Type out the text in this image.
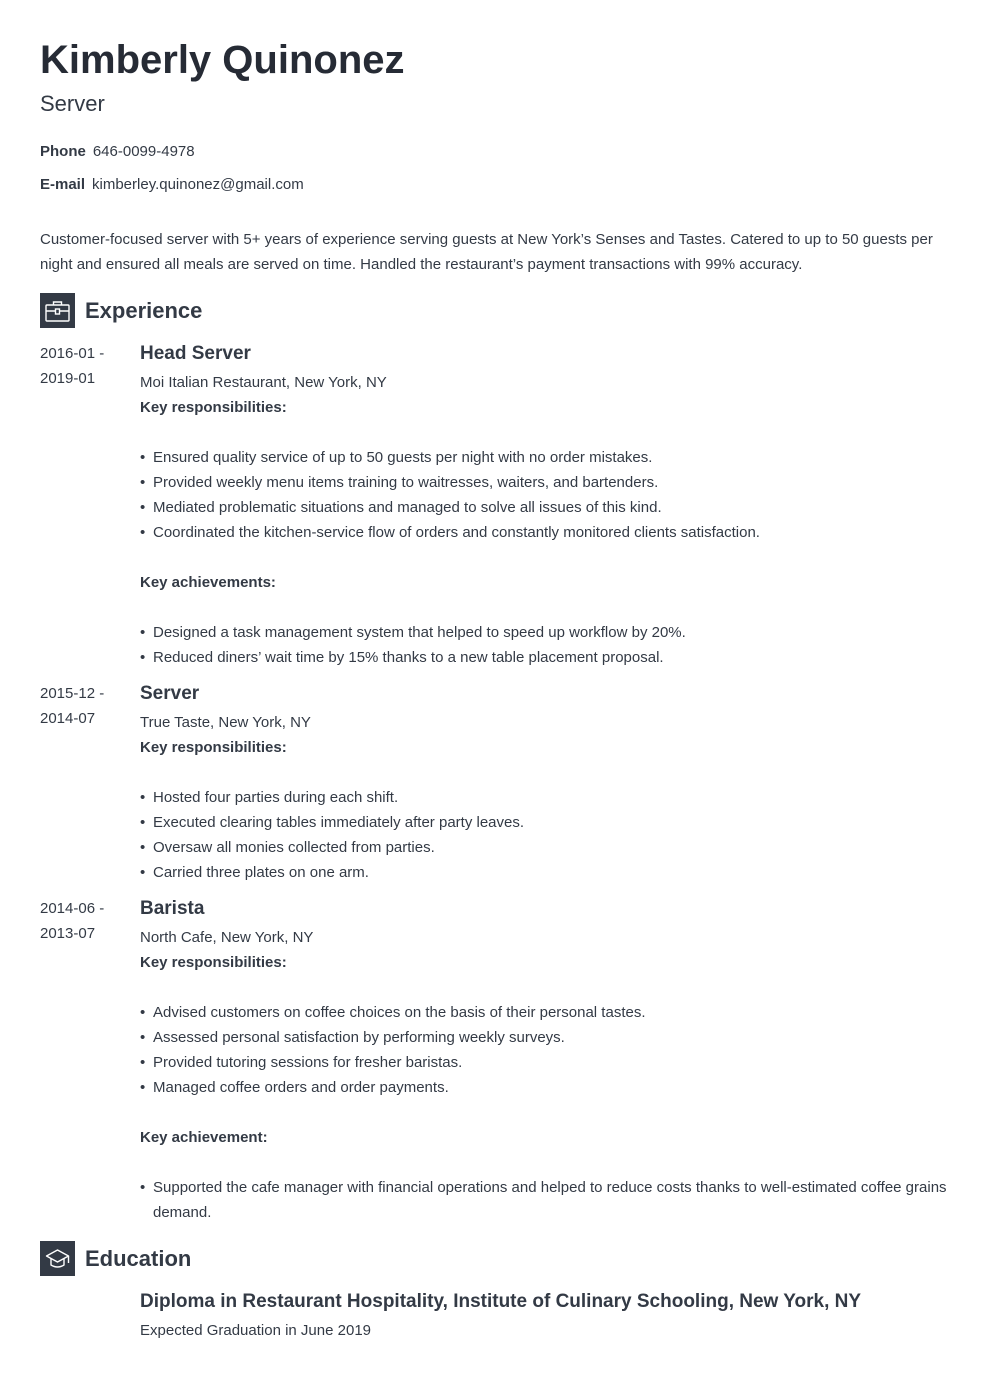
Kimberly Quinonez
Server
Phone 646-0099-4978
E-mail kimberley.quinonez@gmail.com
Customer-focused server with 5+ years of experience serving guests at New York’s Senses and Tastes. Catered to up to 50 guests per night and ensured all meals are served on time. Handled the restaurant’s payment transactions with 99% accuracy.
Experience
2016-01 -
2019-01
Head Server
Moi Italian Restaurant, New York, NY
Key responsibilities:
• Ensured quality service of up to 50 guests per night with no order mistakes.
• Provided weekly menu items training to waitresses, waiters, and bartenders.
• Mediated problematic situations and managed to solve all issues of this kind.
• Coordinated the kitchen-service flow of orders and constantly monitored clients satisfaction.
Key achievements:
• Designed a task management system that helped to speed up workflow by 20%.
• Reduced diners’ wait time by 15% thanks to a new table placement proposal.
2015-12 -
2014-07
Server
True Taste, New York, NY
Key responsibilities:
• Hosted four parties during each shift.
• Executed clearing tables immediately after party leaves.
• Oversaw all monies collected from parties.
• Carried three plates on one arm.
2014-06 -
2013-07
Barista
North Cafe, New York, NY
Key responsibilities:
• Advised customers on coffee choices on the basis of their personal tastes.
• Assessed personal satisfaction by performing weekly surveys.
• Provided tutoring sessions for fresher baristas.
• Managed coffee orders and order payments.
Key achievement:
• Supported the cafe manager with financial operations and helped to reduce costs thanks to well-estimated coffee grains demand.
Education
Diploma in Restaurant Hospitality, Institute of Culinary Schooling, New York, NY
Expected Graduation in June 2019
